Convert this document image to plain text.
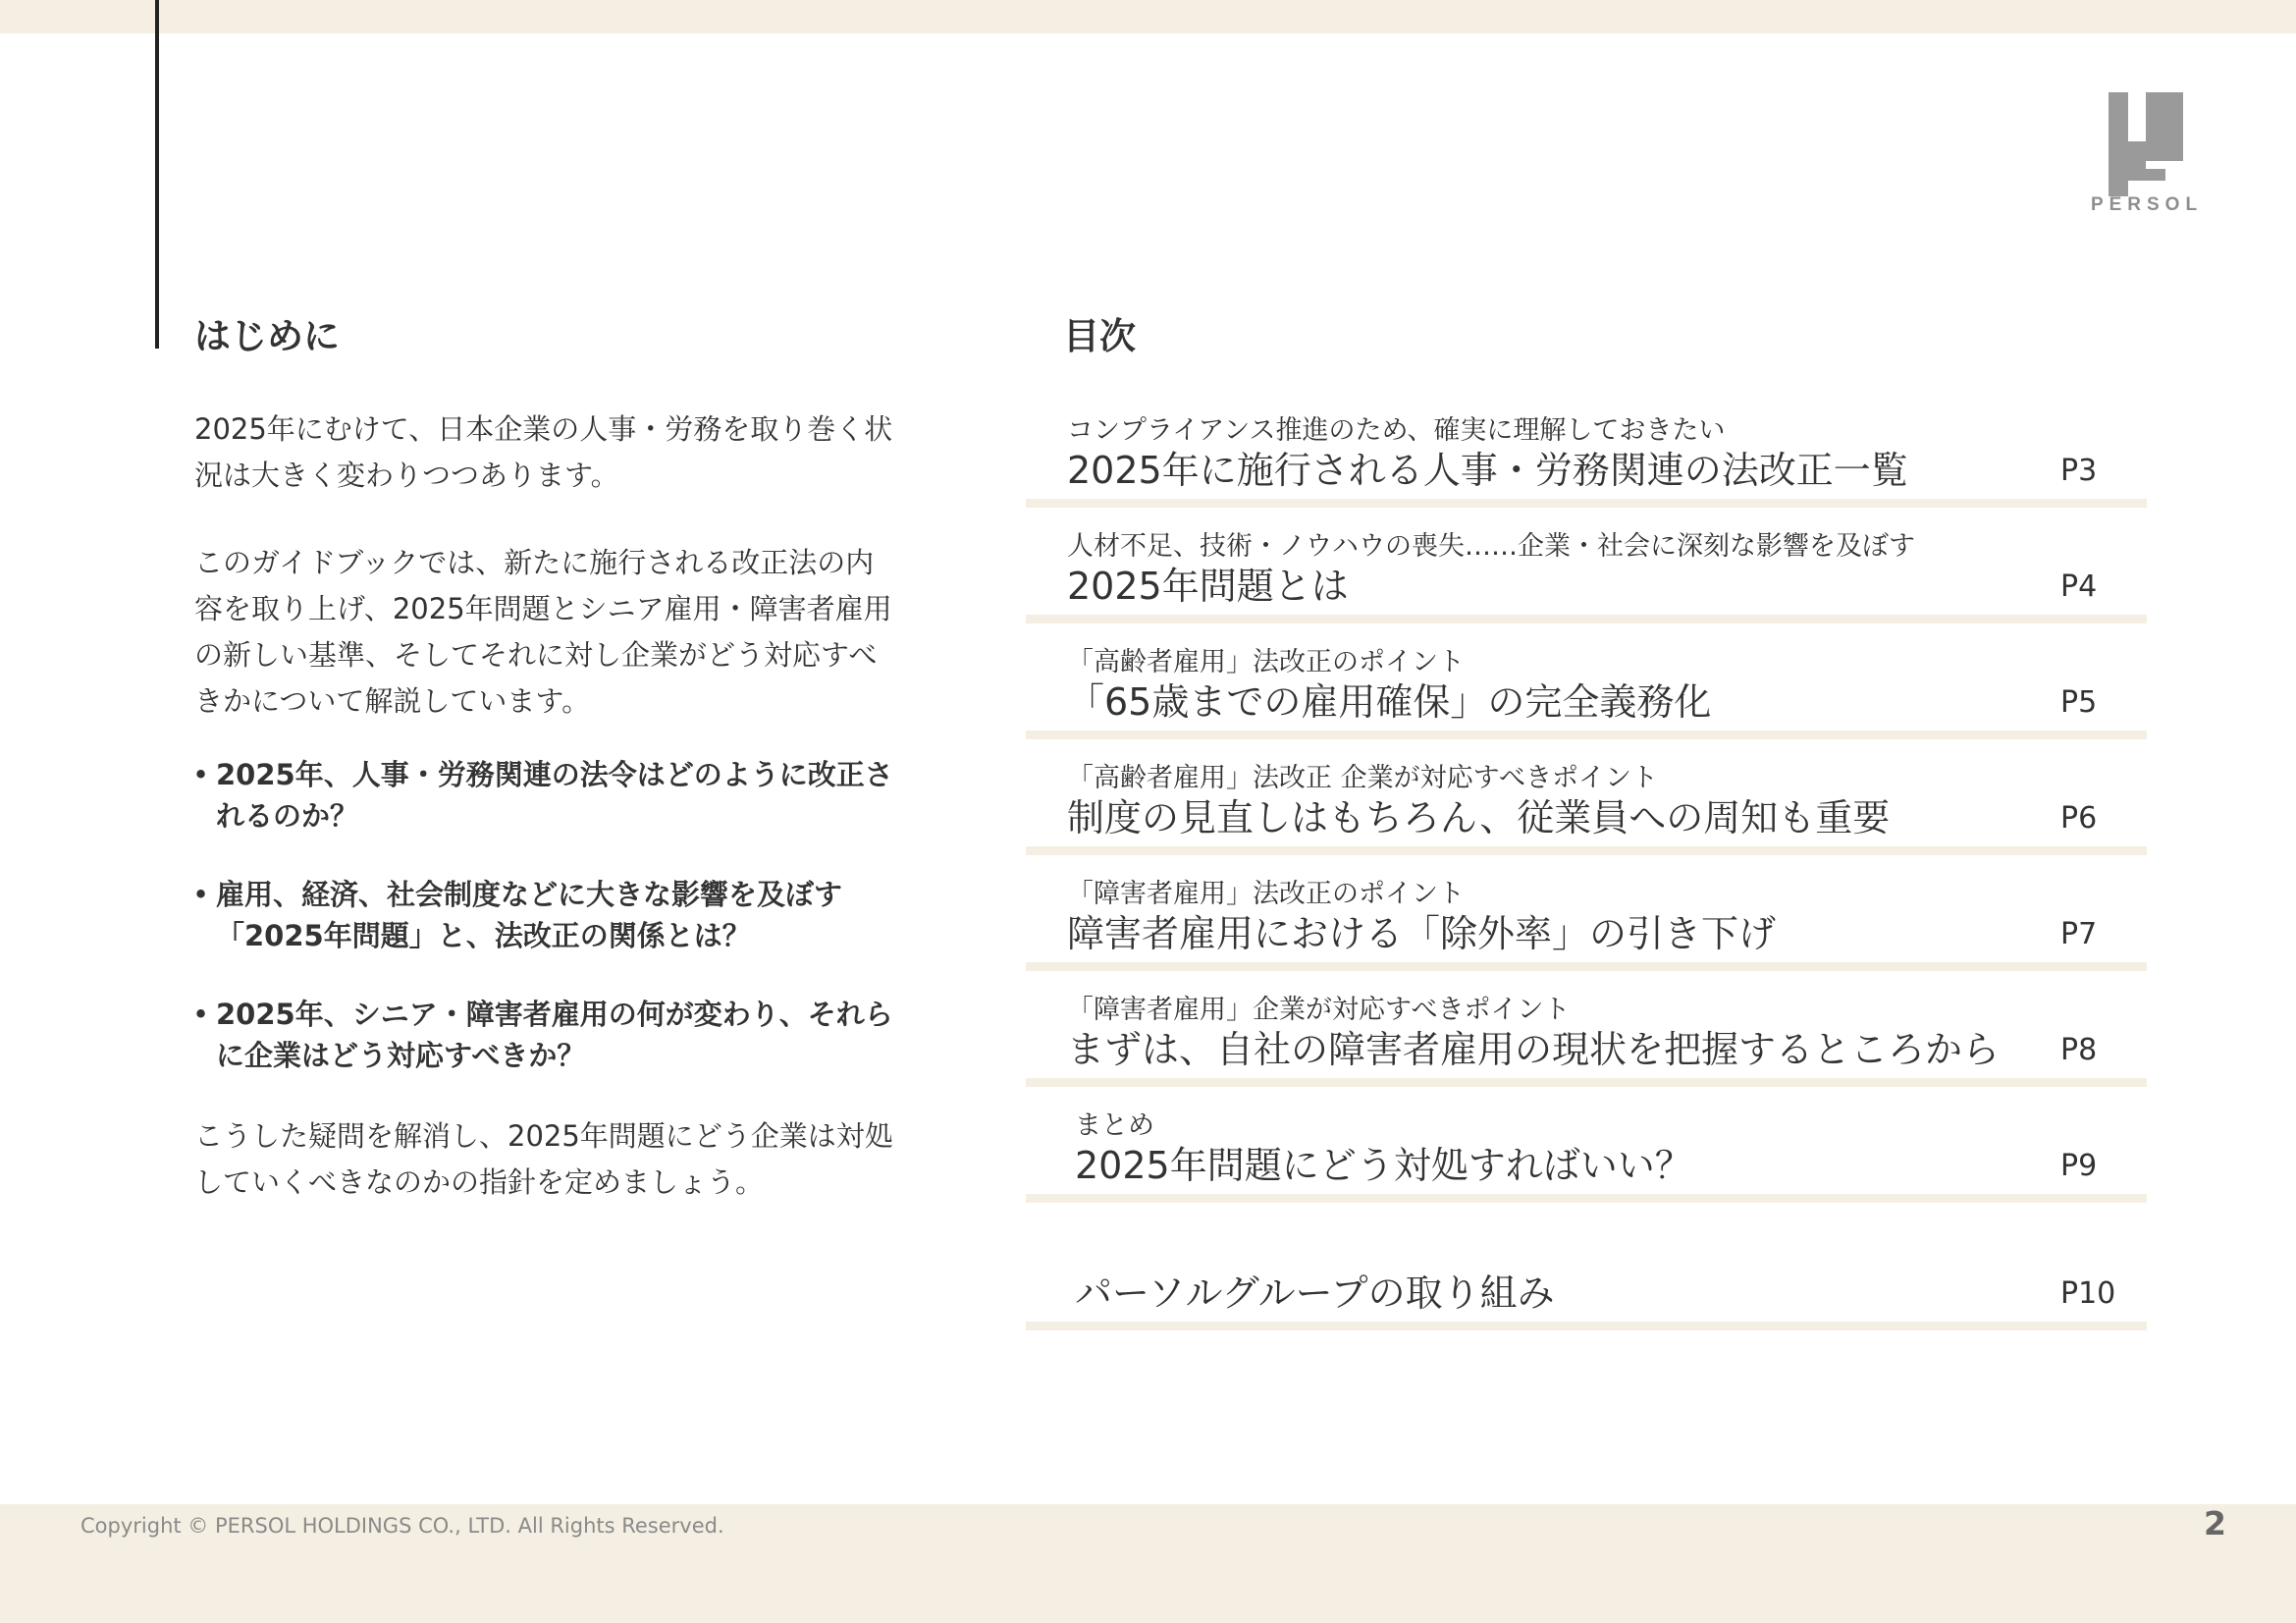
PERSOL
はじめに

2025年にむけて、日本企業の人事・労務を取り巻く状
況は大きく変わりつつあります。

このガイドブックでは、新たに施行される改正法の内
容を取り上げ、2025年問題とシニア雇用・障害者雇用
の新しい基準、そしてそれに対し企業がどう対応すべ
きかについて解説しています。

• 2025年、人事・労務関連の法令はどのように改正さ
れるのか？
• 雇用、経済、社会制度などに大きな影響を及ぼす
「2025年問題」と、法改正の関係とは？
• 2025年、シニア・障害者雇用の何が変わり、それら
に企業はどう対応すべきか？

こうした疑問を解消し、2025年問題にどう企業は対処
していくべきなのかの指針を定めましょう。

目次
コンプライアンス推進のため、確実に理解しておきたい
2025年に施行される人事・労務関連の法改正一覧	P3
人材不足、技術・ノウハウの喪失……企業・社会に深刻な影響を及ぼす
2025年問題とは	P4
「高齢者雇用」法改正のポイント
「65歳までの雇用確保」の完全義務化	P5
「高齢者雇用」法改正 企業が対応すべきポイント
制度の見直しはもちろん、従業員への周知も重要	P6
「障害者雇用」法改正のポイント
障害者雇用における「除外率」の引き下げ	P7
「障害者雇用」企業が対応すべきポイント
まずは、自社の障害者雇用の現状を把握するところから P8
まとめ
2025年問題にどう対処すればいい？	P9
パーソルグループの取り組み	P10
Copyright © PERSOL HOLDINGS CO., LTD. All Rights Reserved.	2
